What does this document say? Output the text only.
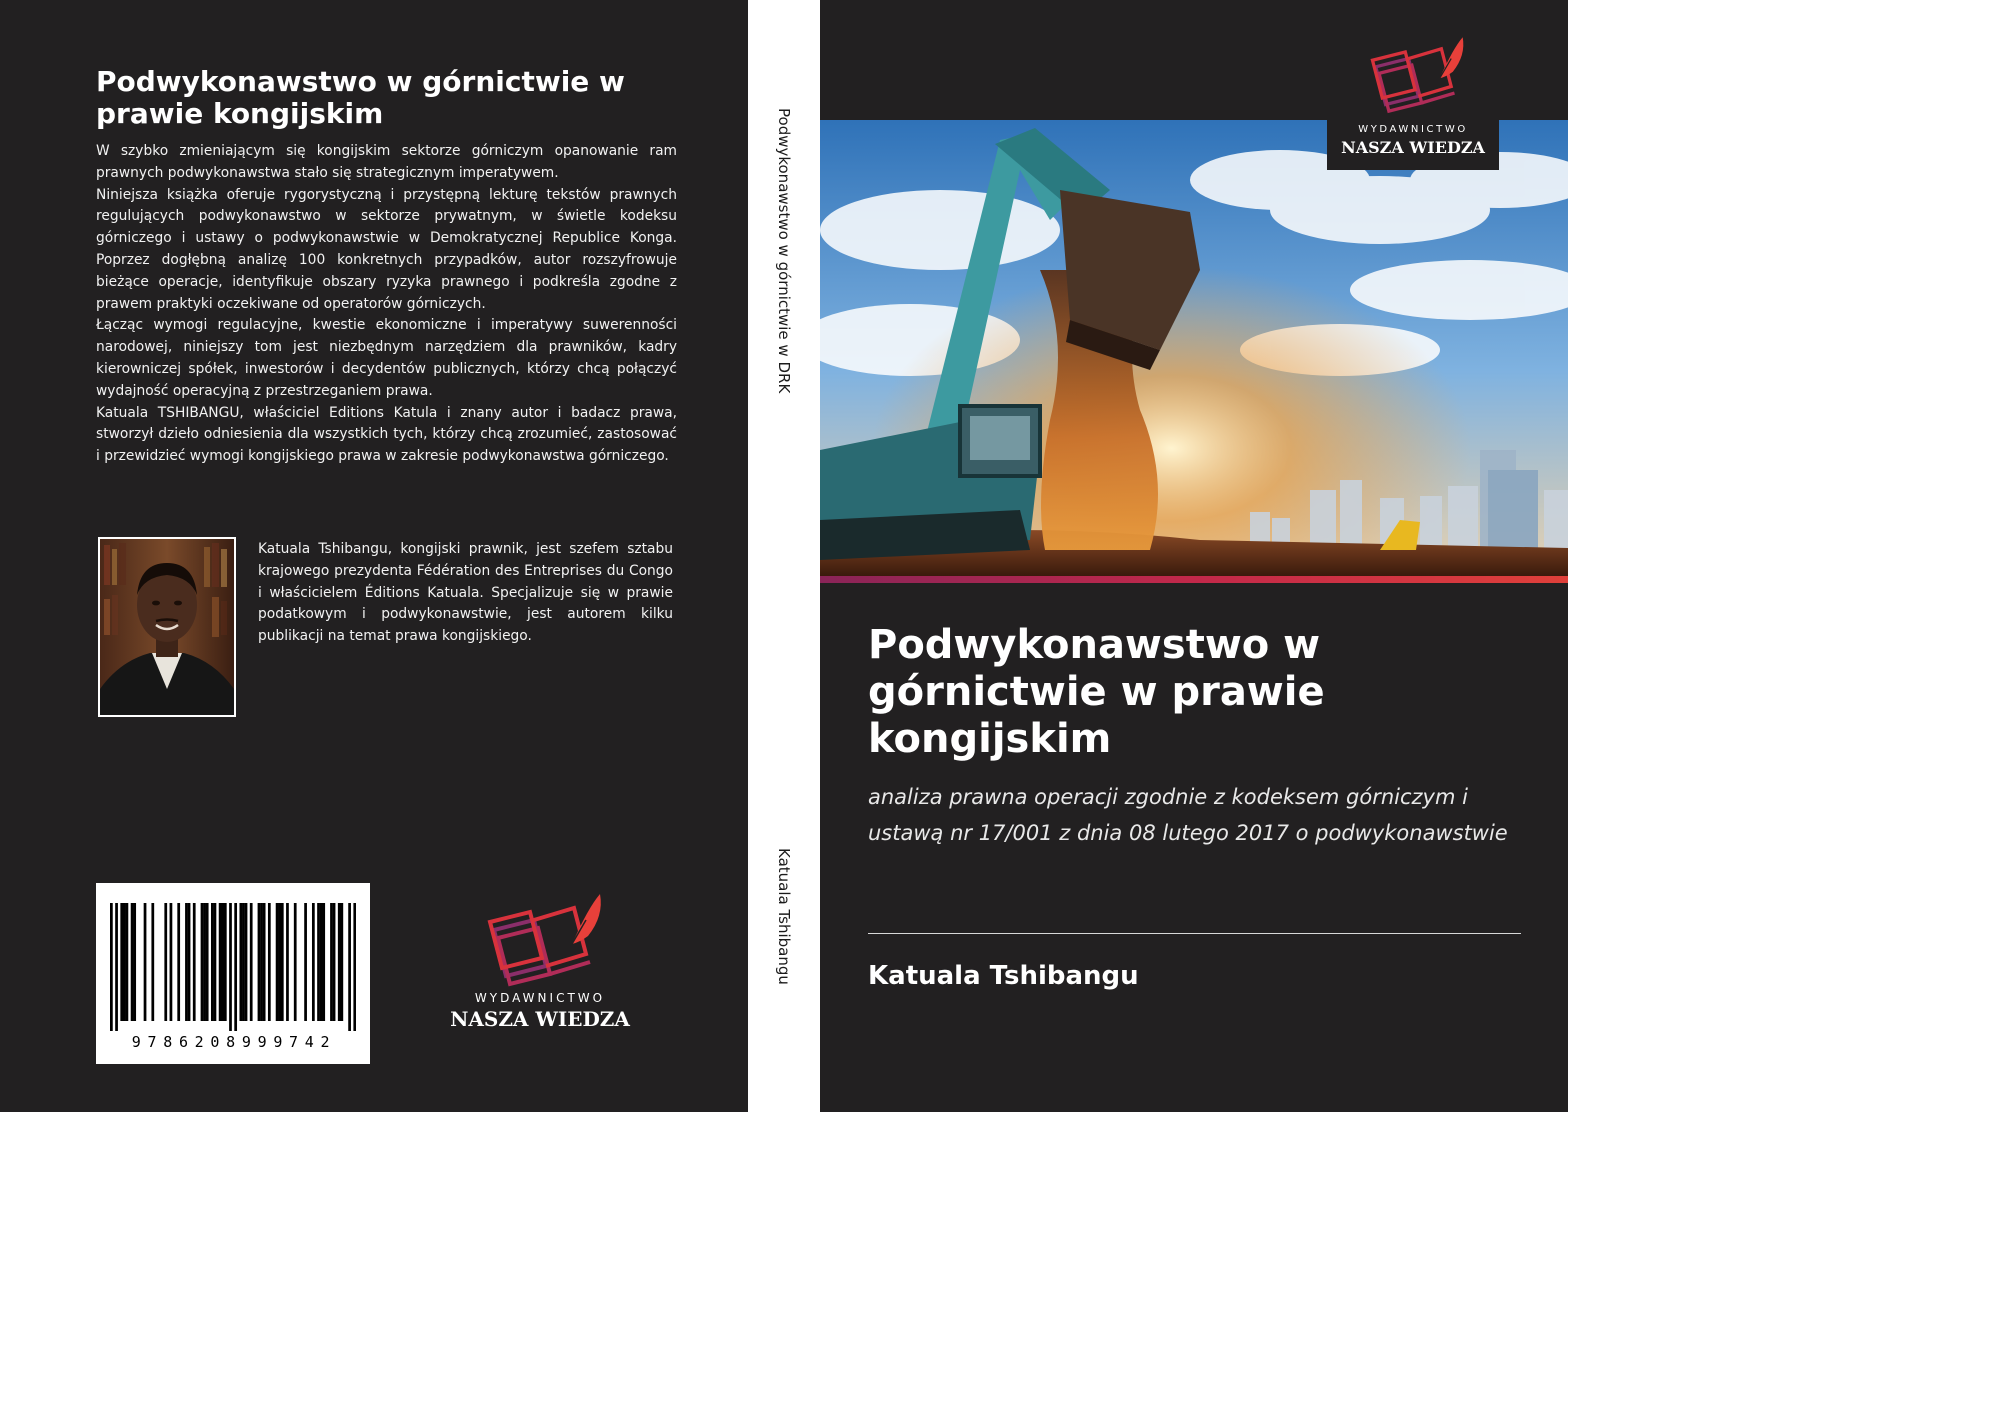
Podwykonawstwo w górnictwie w prawie kongijskim

W szybko zmieniającym się kongijskim sektorze górniczym opanowanie ram prawnych podwykonawstwa stało się strategicznym imperatywem.

Niniejsza książka oferuje rygorystyczną i przystępną lekturę tekstów prawnych regulujących podwykonawstwo w sektorze prywatnym, w świetle kodeksu górniczego i ustawy o podwykonawstwie w Demokratycznej Republice Konga. Poprzez dogłębną analizę 100 konkretnych przypadków, autor rozszyfrowuje bieżące operacje, identyfikuje obszary ryzyka prawnego i podkreśla zgodne z prawem praktyki oczekiwane od operatorów górniczych.

Łącząc wymogi regulacyjne, kwestie ekonomiczne i imperatywy suwerenności narodowej, niniejszy tom jest niezbędnym narzędziem dla prawników, kadry kierowniczej spółek, inwestorów i decydentów publicznych, którzy chcą połączyć wydajność operacyjną z przestrzeganiem prawa.

Katuala TSHIBANGU, właściciel Editions Katula i znany autor i badacz prawa, stworzył dzieło odniesienia dla wszystkich tych, którzy chcą zrozumieć, zastosować i przewidzieć wymogi kongijskiego prawa w zakresie podwykonawstwa górniczego.

Katuala Tshibangu, kongijski prawnik, jest szefem sztabu krajowego prezydenta Fédération des Entreprises du Congo i właścicielem Éditions Katuala. Specjalizuje się w prawie podatkowym i podwykonawstwie, jest autorem kilku publikacji na temat prawa kongijskiego.

9786208999742
WYDAWNICTWO
NASZA WIEDZA
Podwykonawstwo w górnictwie w DRK
Katuala Tshibangu
WYDAWNICTWO
NASZA WIEDZA
Podwykonawstwo w górnictwie w prawie kongijskim
analiza prawna operacji zgodnie z kodeksem górniczym i ustawą nr 17/001 z dnia 08 lutego 2017 o podwykonawstwie

Katuala Tshibangu
